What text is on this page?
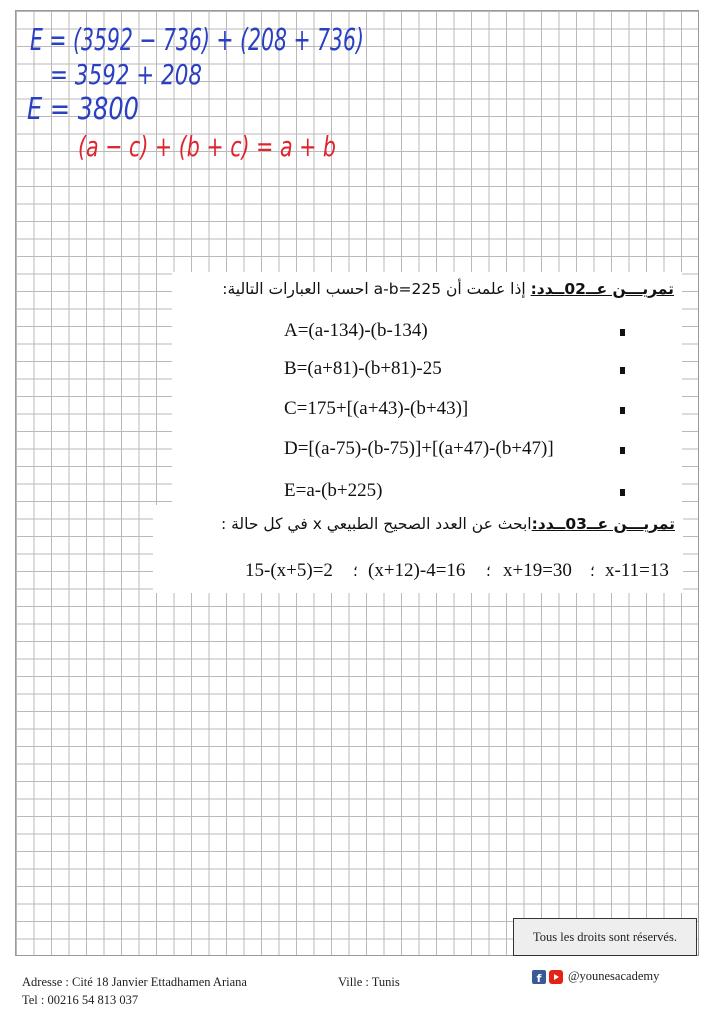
E = (3592 − 736) + (208 + 736)
= 3592 + 208
E = 3800
(a − c) + (b + c) = a + b
تمريـــن عــ02ــدد: إذا علمت أن a-b=225 احسب العبارات التالية:
A=(a-134)-(b-134)
B=(a+81)-(b+81)-25
C=175+[(a+43)-(b+43)]
D=[(a-75)-(b-75)]+[(a+47)-(b+47)]
E=a-(b+225)
تمريـــن عــ03ــدد:ابحث عن العدد الصحيح الطبيعي x في كل حالة :
15-(x+5)=2 ؛ (x+12)-4=16 ؛ x+19=30 ؛ x-11=13
Tous les droits sont réservés.
Adresse : Cité 18 Janvier Ettadhamen Ariana	Ville : Tunis
Tel : 00216 54 813 037
f	@younesacademy
